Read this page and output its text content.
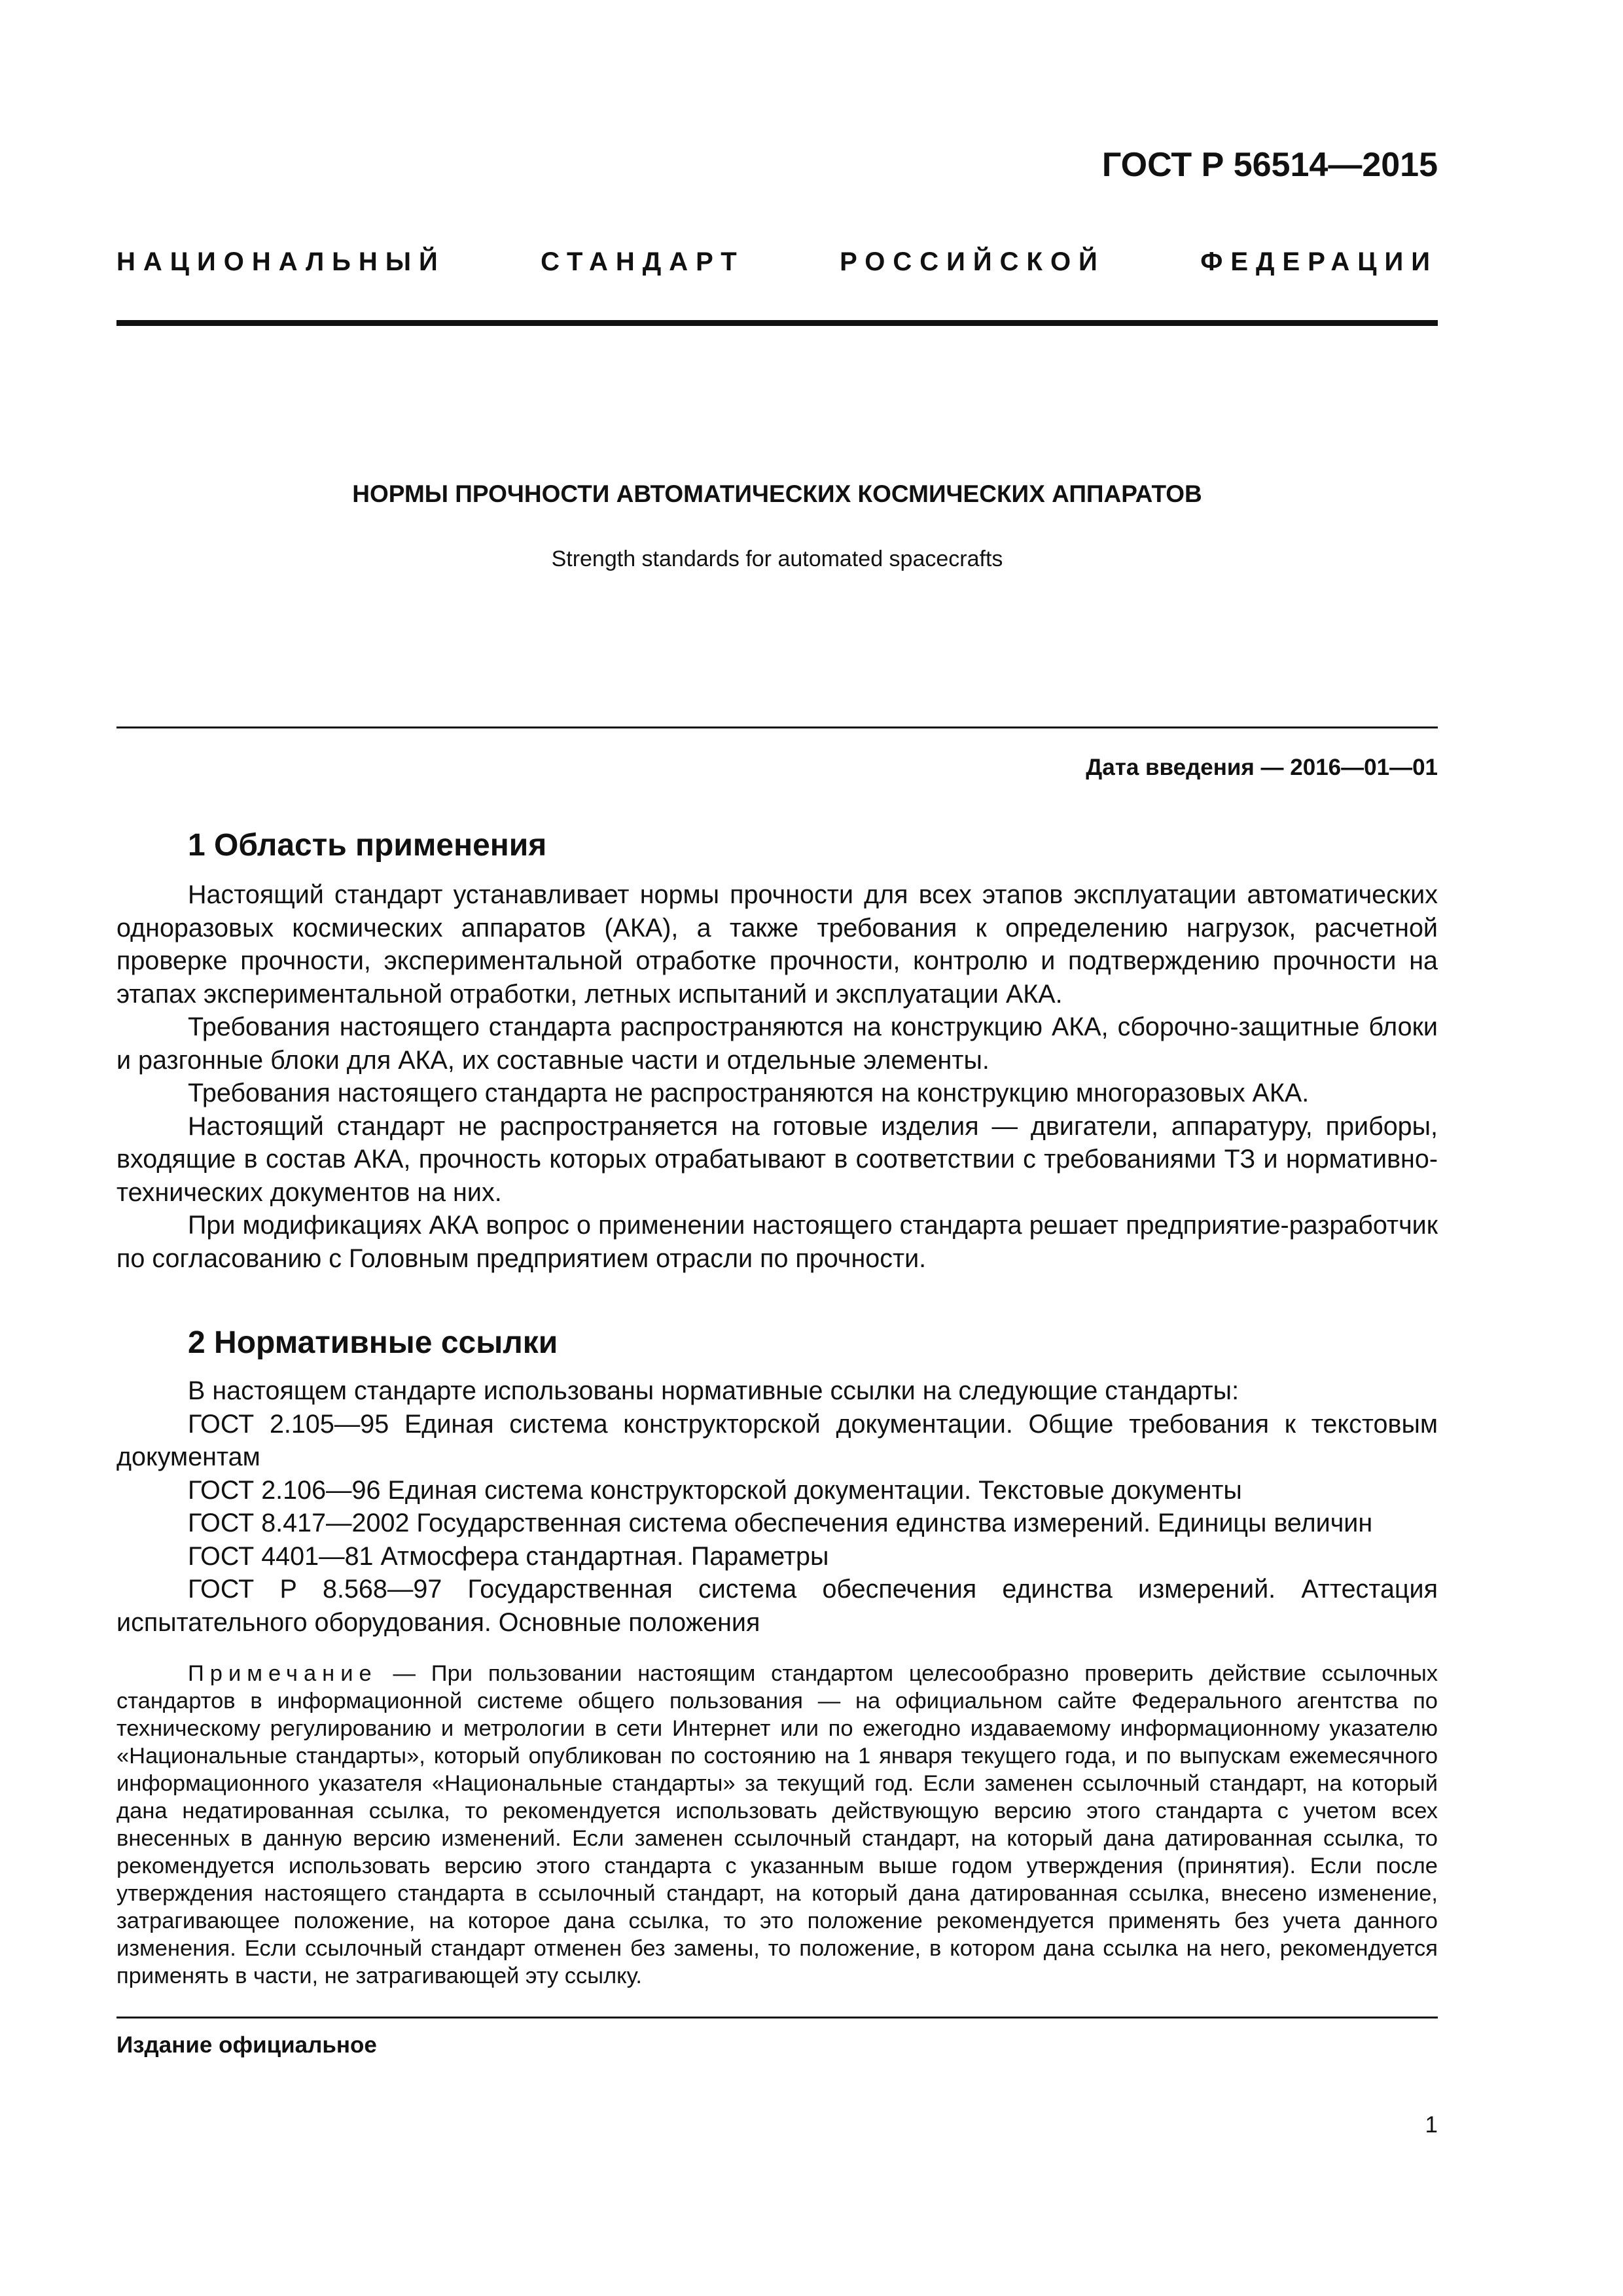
ГОСТ Р 56514—2015
НАЦИОНАЛЬНЫЙ СТАНДАРТ РОССИЙСКОЙ ФЕДЕРАЦИИ
НОРМЫ ПРОЧНОСТИ АВТОМАТИЧЕСКИХ КОСМИЧЕСКИХ АППАРАТОВ
Strength standards for automated spacecrafts
Дата введения — 2016—01—01
1 Область применения

Настоящий стандарт устанавливает нормы прочности для всех этапов эксплуатации автоматических одноразовых космических аппаратов (АКА), а также требования к определению нагрузок, расчетной проверке прочности, экспериментальной отработке прочности, контролю и подтверждению прочности на этапах экспериментальной отработки, летных испытаний и эксплуатации АКА.

Требования настоящего стандарта распространяются на конструкцию АКА, сборочно-защитные блоки и разгонные блоки для АКА, их составные части и отдельные элементы.

Требования настоящего стандарта не распространяются на конструкцию многоразовых АКА.

Настоящий стандарт не распространяется на готовые изделия — двигатели, аппаратуру, приборы, входящие в состав АКА, прочность которых отрабатывают в соответствии с требованиями ТЗ и нормативно-технических документов на них.

При модификациях АКА вопрос о применении настоящего стандарта решает предприятие-разработчик по согласованию с Головным предприятием отрасли по прочности.

2 Нормативные ссылки

В настоящем стандарте использованы нормативные ссылки на следующие стандарты:

ГОСТ 2.105—95 Единая система конструкторской документации. Общие требования к текстовым документам

ГОСТ 2.106—96 Единая система конструкторской документации. Текстовые документы

ГОСТ 8.417—2002 Государственная система обеспечения единства измерений. Единицы величин

ГОСТ 4401—81 Атмосфера стандартная. Параметры

ГОСТ Р 8.568—97 Государственная система обеспечения единства измерений. Аттестация испытательного оборудования. Основные положения

Примечание — При пользовании настоящим стандартом целесообразно проверить действие ссылочных стандартов в информационной системе общего пользования — на официальном сайте Федерального агентства по техническому регулированию и метрологии в сети Интернет или по ежегодно издаваемому информационному указателю «Национальные стандарты», который опубликован по состоянию на 1 января текущего года, и по выпускам ежемесячного информационного указателя «Национальные стандарты» за текущий год. Если заменен ссылочный стандарт, на который дана недатированная ссылка, то рекомендуется использовать действующую версию этого стандарта с учетом всех внесенных в данную версию изменений. Если заменен ссылочный стандарт, на который дана датированная ссылка, то рекомендуется использовать версию этого стандарта с указанным выше годом утверждения (принятия). Если после утверждения настоящего стандарта в ссылочный стандарт, на который дана датированная ссылка, внесено изменение, затрагивающее положение, на которое дана ссылка, то это положение рекомендуется применять без учета данного изменения. Если ссылочный стандарт отменен без замены, то положение, в котором дана ссылка на него, рекомендуется применять в части, не затрагивающей эту ссылку.

Издание официальное
1
